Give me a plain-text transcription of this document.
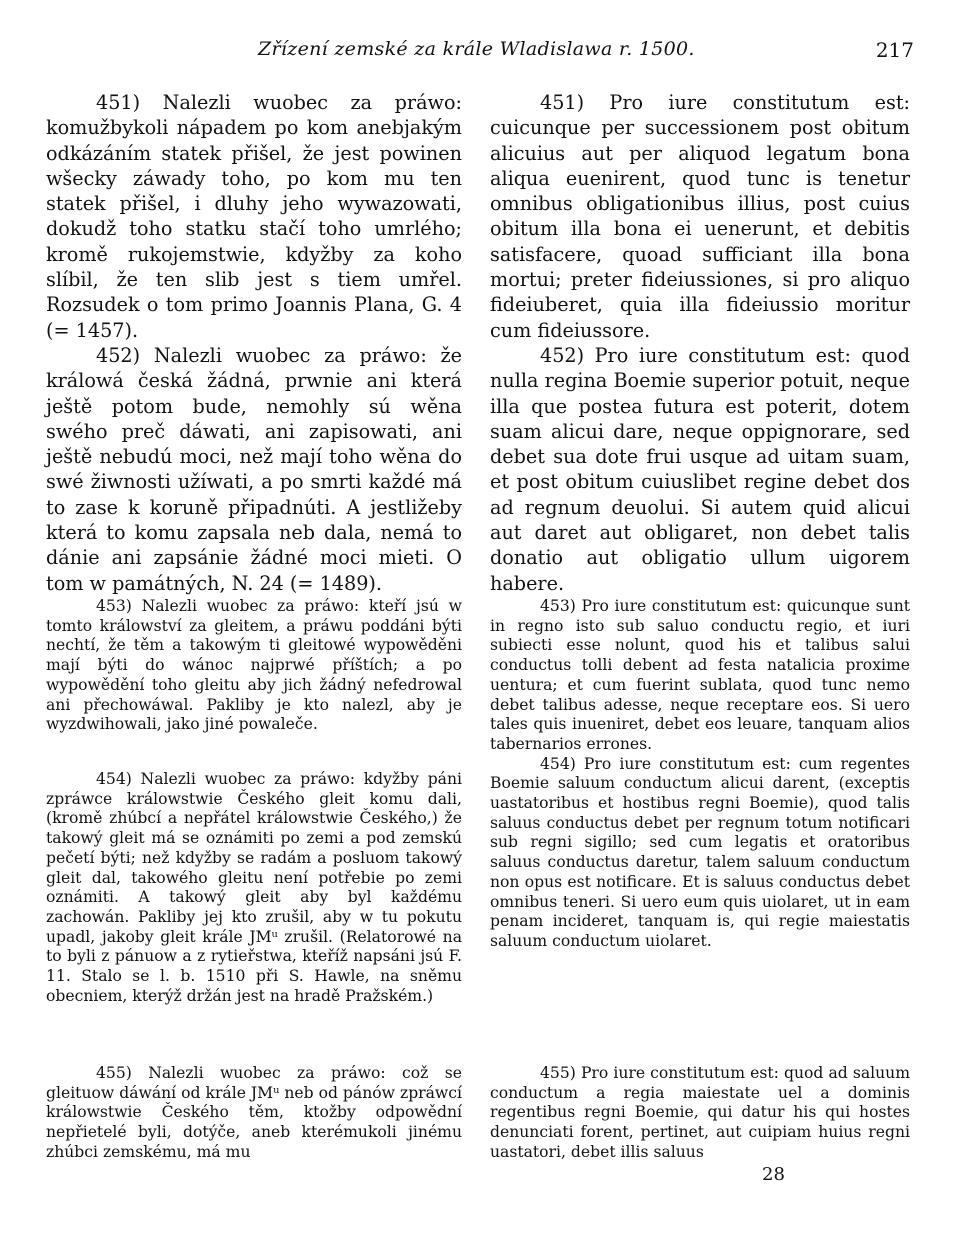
Zřízení zemské za krále Wladislawa r. 1500.	217

451) Nalezli wuobec za práwo: komužbykoli nápadem po kom anebjakým odkázáním statek přišel, že jest powinen wšecky záwady toho, po kom mu ten statek přišel, i dluhy jeho wywazowati, dokudž toho statku stačí toho umrlého; kromě rukojemstwie, kdyžby za koho slíbil, že ten slib jest s tiem umřel. Rozsudek o tom primo Joannis Plana, G. 4 (= 1457).

452) Nalezli wuobec za práwo: že králowá česká žádná, prwnie ani která ještě potom bude, nemohly sú wěna swého preč dáwati, ani zapisowati, ani ještě nebudú moci, než mají toho wěna do swé žiwnosti užíwati, a po smrti každé má to zase k koruně připadnúti. A jestližeby která to komu zapsala neb dala, nemá to dánie ani zapsánie žádné moci mieti. O tom w památných, N. 24 (= 1489).

453) Nalezli wuobec za práwo: kteří jsú w tomto králowství za gleitem, a práwu poddáni býti nechtí, že těm a takowým ti gleitowé wypowěděni mají býti do wánoc najprwé příštích; a po wypowědění toho gleitu aby jich žádný nefedrowal ani přechowáwal. Pakliby je kto nalezl, aby je wyzdwihowali, jako jiné powaleče.

454) Nalezli wuobec za práwo: kdyžby páni zpráwce králowstwie Českého gleit komu dali, (kromě zhúbcí a nepřátel králowstwie Českého,) že takowý gleit má se oznámiti po zemi a pod zemskú pečetí býti; než kdyžby se radám a posluom takowý gleit dal, takowého gleitu není potřebie po zemi oznámiti. A takowý gleit aby byl každému zachowán. Pakliby jej kto zrušil, aby w tu pokutu upadl, jakoby gleit krále JMᵘ zrušil. (Relatorowé na to byli z pánuow a z rytieřstwa, kteříž napsáni jsú F. 11. Stalo se l. b. 1510 při S. Hawle, na sněmu obecniem, kterýž držán jest na hradě Pražském.)

455) Nalezli wuobec za práwo: což se gleituow dáwání od krále JMᵘ neb od pánów zpráwcí králowstwie Českého těm, ktožby odpowědní nepřietelé byli, dotýče, aneb kterémukoli jinému zhúbci zemskému, má mu

451) Pro iure constitutum est: cuicunque per successionem post obitum alicuius aut per aliquod legatum bona aliqua euenirent, quod tunc is tenetur omnibus obligationibus illius, post cuius obitum illa bona ei uenerunt, et debitis satisfacere, quoad sufficiant illa bona mortui; preter fideiussiones, si pro aliquo fideiuberet, quia illa fideiussio moritur cum fideiussore.

452) Pro iure constitutum est: quod nulla regina Boemie superior potuit, neque illa que postea futura est poterit, dotem suam alicui dare, neque oppignorare, sed debet sua dote frui usque ad uitam suam, et post obitum cuiuslibet regine debet dos ad regnum deuolui. Si autem quid alicui aut daret aut obligaret, non debet talis donatio aut obligatio ullum uigorem habere.

453) Pro iure constitutum est: quicunque sunt in regno isto sub saluo conductu regio, et iuri subiecti esse nolunt, quod his et talibus salui conductus tolli debent ad festa natalicia proxime uentura; et cum fuerint sublata, quod tunc nemo debet talibus adesse, neque receptare eos. Si uero tales quis inueniret, debet eos leuare, tanquam alios tabernarios errones.

454) Pro iure constitutum est: cum regentes Boemie saluum conductum alicui darent, (exceptis uastatoribus et hostibus regni Boemie), quod talis saluus conductus debet per regnum totum notificari sub regni sigillo; sed cum legatis et oratoribus saluus conductus daretur, talem saluum conductum non opus est notificare. Et is saluus conductus debet omnibus teneri. Si uero eum quis uiolaret, ut in eam penam incideret, tanquam is, qui regie maiestatis saluum conductum uiolaret.

455) Pro iure constitutum est: quod ad saluum conductum a regia maiestate uel a dominis regentibus regni Boemie, qui datur his qui hostes denunciati forent, pertinet, aut cuipiam huius regni uastatori, debet illis saluus

28
